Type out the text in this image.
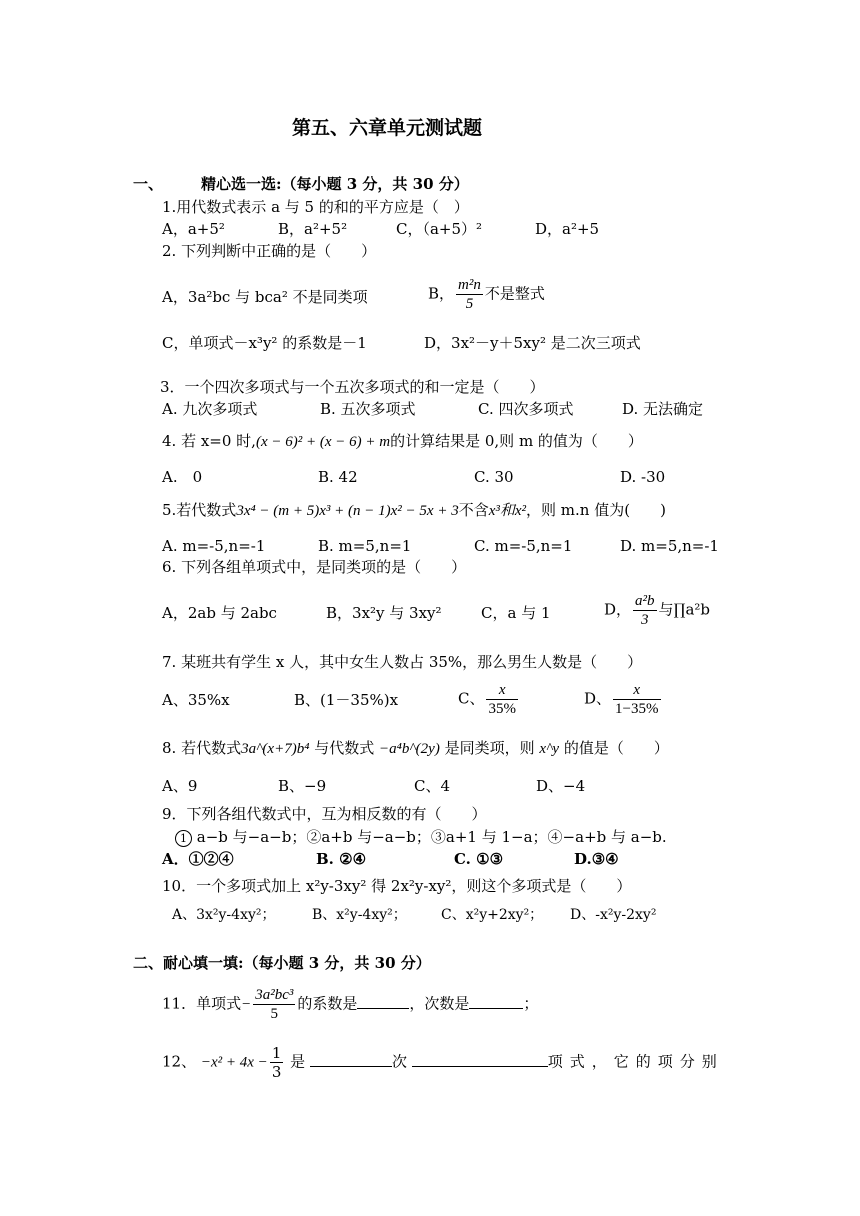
第五、六章单元测试题
一、	精心选一选:（每小题 3 分，共 30 分）
1.用代数式表示 a 与 5 的和的平方应是（　）
A，a+5²	B，a²+5²	C，（a+5）²	D，a²+5
2. 下列判断中正确的是（　　）
A，3a²bc 与 bca² 不是同类项	B， $\frac{\text{m²n}}{5}$ 不是整式
C，单项式－x³y² 的系数是－1	D，3x²－y＋5xy² 是二次三项式
3．一个四次多项式与一个五次多项式的和一定是（　　）
A. 九次多项式	B. 五次多项式	C. 四次多项式	D. 无法确定
4. 若 x=0 时,(x − 6)² + (x − 6) + m的计算结果是 0,则 m 的值为（　　）
A.　0	B. 42	C. 30	D. -30
5.若代数式3x⁴ − (m + 5)x³ + (n − 1)x² − 5x + 3不含x³和x²，则 m.n 值为(　　)
A. m=-5,n=-1	B. m=5,n=1	C. m=-5,n=1	D. m=5,n=-1
6. 下列各组单项式中，是同类项的是（　　）
A，2ab 与 2abc	B，3x²y 与 3xy²	C，a 与 1	D， $\frac{\text{a²b}}{3}$ 与∏a²b
7. 某班共有学生 x 人，其中女生人数占 35%，那么男生人数是（　　）
A、35%x	B、(1－35%)x	C、 $\frac{x}{35\%}$	D、 $\frac{x}{1-35\%}$
8. 若代数式3a^(x+7)b⁴ 与代数式 −a⁴b^(2y) 是同类项，则 x^y 的值是（　　）
A、9	B、−9	C、4	D、−4
9．下列各组代数式中，互为相反数的有（　　）
1 a−b 与−a−b；②a+b 与−a−b；③a+1 与 1−a；④−a+b 与 a−b.
A．①②④	B. ②④	C. ①③	D.③④
10．一个多项式加上 x²y-3xy² 得 2x²y-xy²，则这个多项式是（　　）
A、3x²y-4xy²；	B、x²y-4xy²； C、x²y+2xy²； D、-x²y-2xy²
二、耐心填一填:（每小题 3 分，共 30 分）
11．单项式− $\frac{\text{3a²bc³}}{5}$ 的系数是	，次数是	；
12、 $-x^2 + 4x - \frac{1}{3}$ 是	次	项式，它的项分别
